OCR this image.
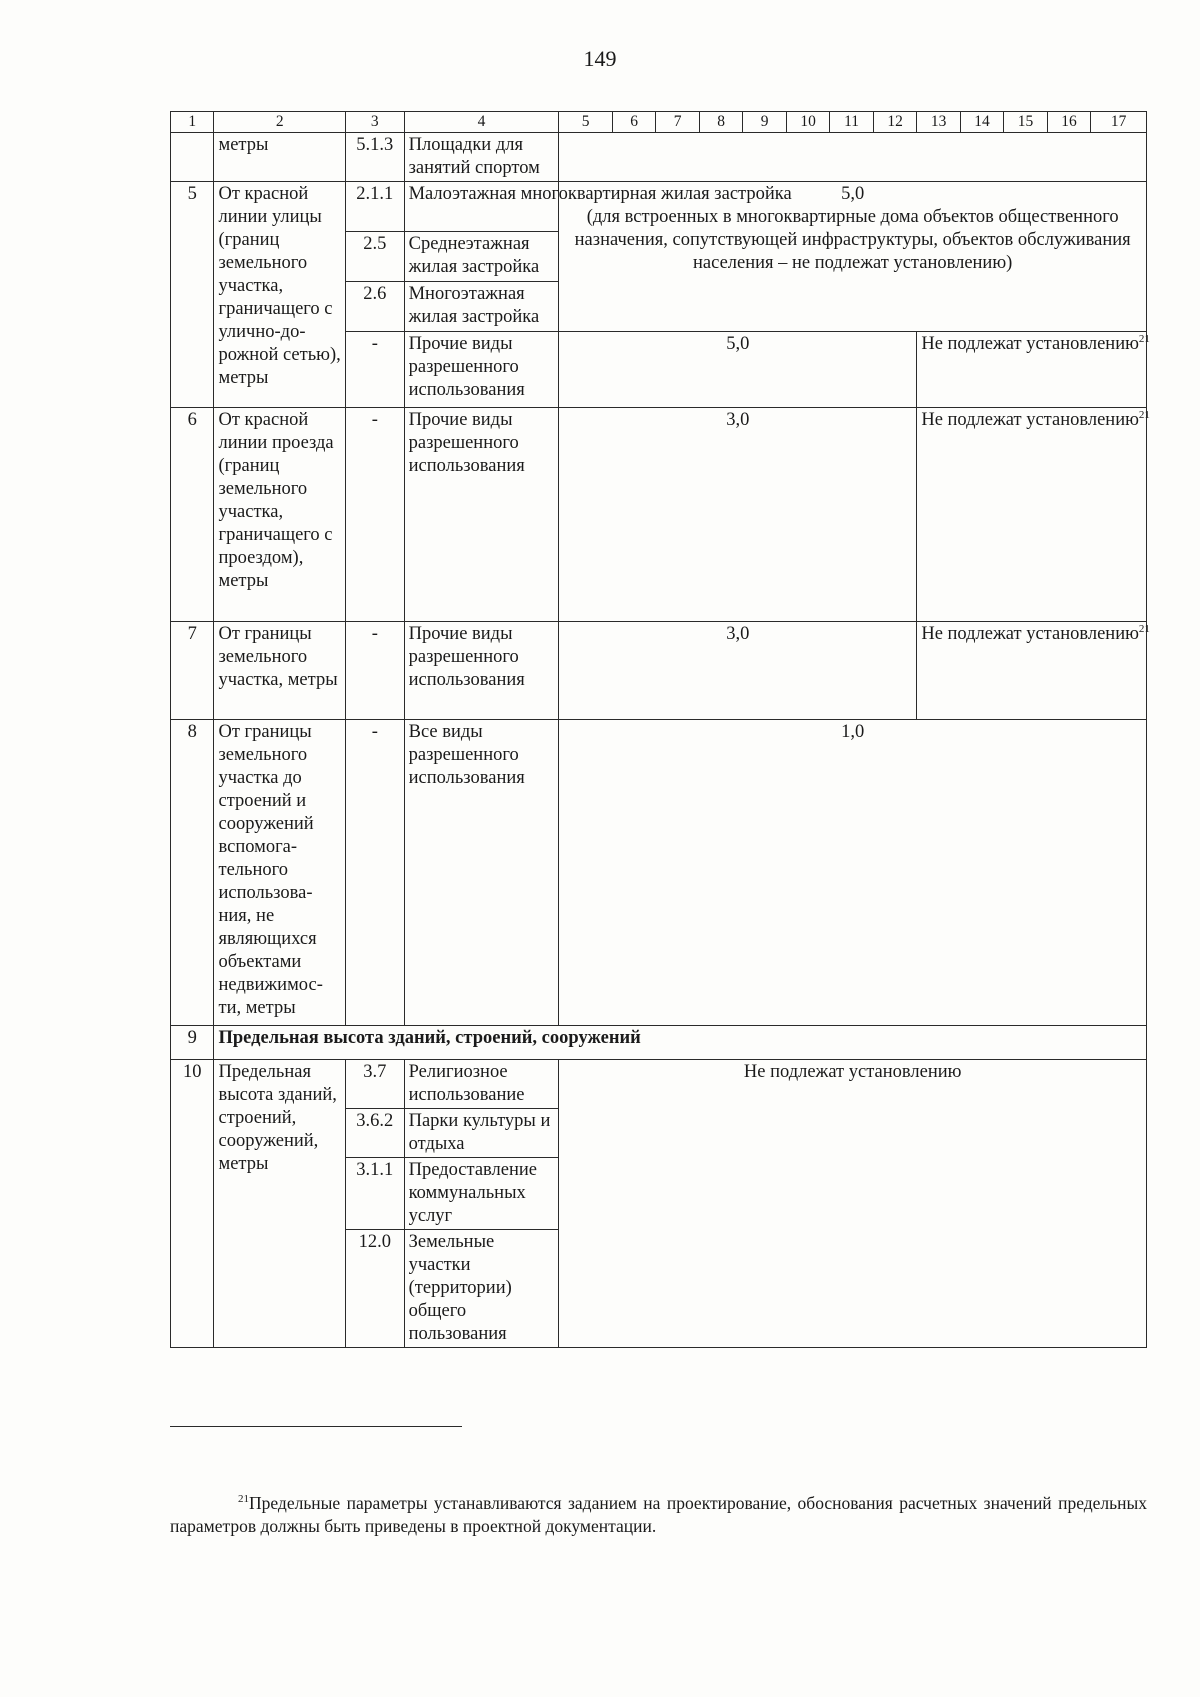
149
1	2	3	4	5	6	7	8	9	10	11	12	13	14	15	16	17
	метры	5.1.3	Площадки для занятий спортом													
5	От красной линии улицы (границ земельного участка, граничащего с улично-до-рожной сетью), метры	2.1.1	Малоэтажная многоквартирная жилая застройка	5,0
(для встроенных в многоквартирные дома объектов общественного назначения, сопутствующей инфраструктуры, объектов обслуживания населения – не подлежат установлению)												

		2.5	Среднеэтажная жилая застройка													
		2.6	Многоэтажная жилая застройка													
		-	Прочие виды разрешенного использования	5,0								Не подлежат установлению$^{21}$
6	От красной линии проезда (границ земельного участка, граничащего с проездом), метры	-	Прочие виды разрешенного использования	3,0								Не подлежат установлению$^{21}$
7	От границы земельного участка, метры	-	Прочие виды разрешенного использования	3,0								Не подлежат установлению$^{21}$
8	От границы земельного участка до строений и сооружений вспомога-тельного использова-ния, не являющихся объектами недвижимос-ти, метры	-	Все виды разрешенного использования	1,0												
9	Предельная высота зданий, строений, сооружений															
10	Предельная высота зданий, строений, сооружений, метры	3.7	Религиозное использование	Не подлежат установлению												
		3.6.2	Парки культуры и отдыха													
		3.1.1	Предоставление коммунальных услуг													
		12.0	Земельные участки (территории) общего пользования													
$^{21}$Предельные параметры устанавливаются заданием на проектирование, обоснования расчетных значений предельных параметров должны быть приведены в проектной документации.
